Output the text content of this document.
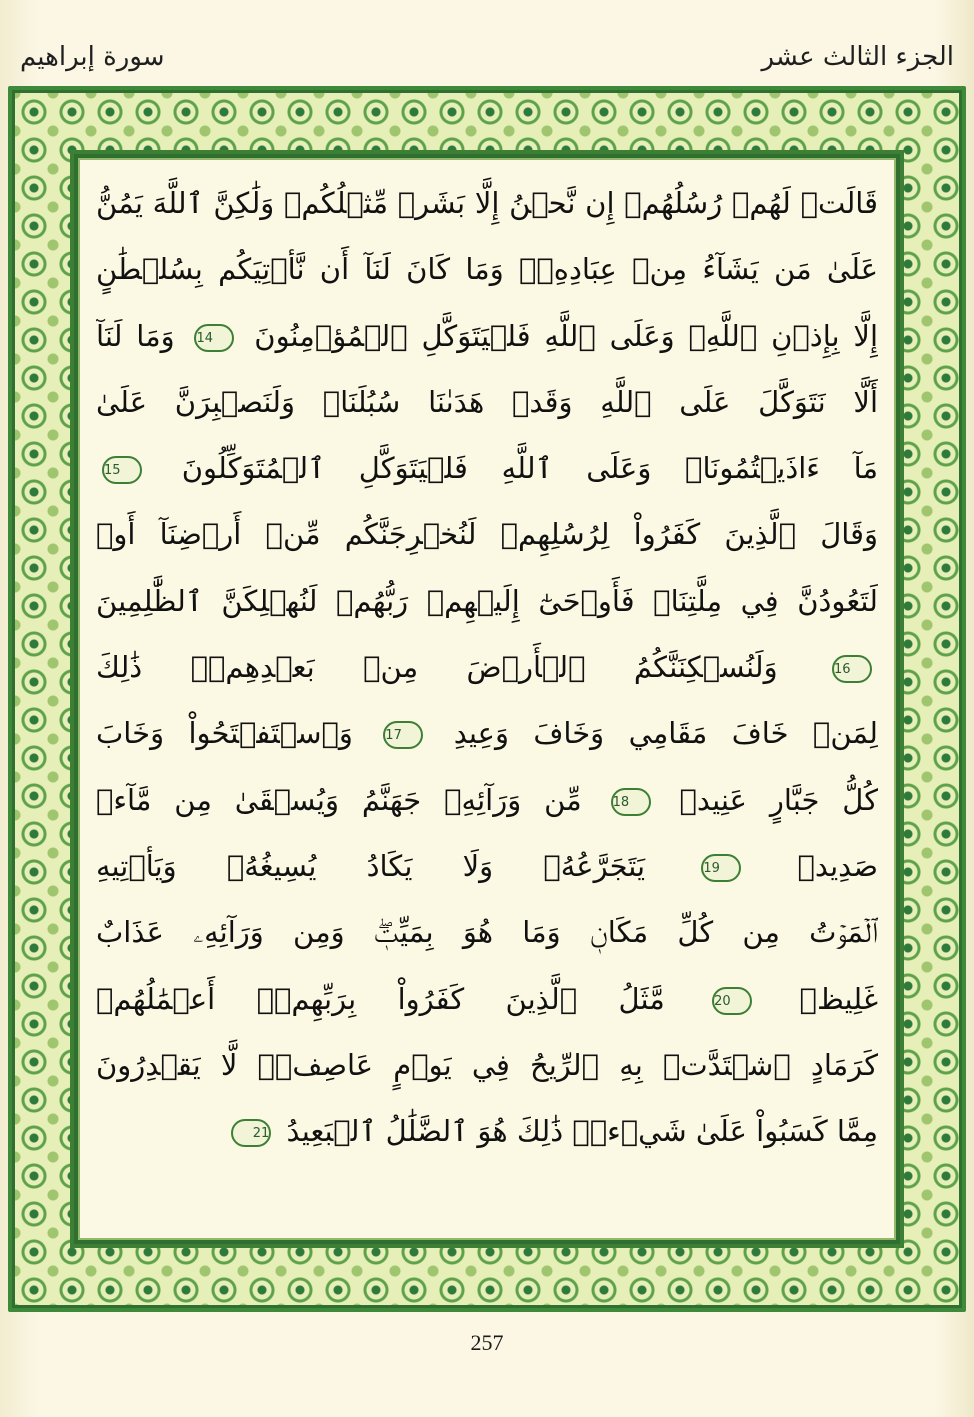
الجزء الثالث عشر
سورة إبراهيم
قَالَتۡ لَهُمۡ رُسُلُهُمۡ إِن نَّحۡنُ إِلَّا بَشَرٞ مِّثۡلُكُمۡ وَلَٰكِنَّ ٱللَّهَ يَمُنُّ
عَلَىٰ مَن يَشَآءُ مِنۡ عِبَادِهِۦۖ وَمَا كَانَ لَنَآ أَن نَّأۡتِيَكُم بِسُلۡطَٰنٍ
إِلَّا بِإِذۡنِ ٱللَّهِۚ وَعَلَى ٱللَّهِ فَلۡيَتَوَكَّلِ ٱلۡمُؤۡمِنُونَ 14 وَمَا لَنَآ
أَلَّا نَتَوَكَّلَ عَلَى ٱللَّهِ وَقَدۡ هَدَىٰنَا سُبُلَنَاۚ وَلَنَصۡبِرَنَّ عَلَىٰ
مَآ ءَاذَيۡتُمُونَاۚ وَعَلَى ٱللَّهِ فَلۡيَتَوَكَّلِ ٱلۡمُتَوَكِّلُونَ 15
وَقَالَ ٱلَّذِينَ كَفَرُواْ لِرُسُلِهِمۡ لَنُخۡرِجَنَّكُم مِّنۡ أَرۡضِنَآ أَوۡ
لَتَعُودُنَّ فِي مِلَّتِنَاۖ فَأَوۡحَىٰٓ إِلَيۡهِمۡ رَبُّهُمۡ لَنُهۡلِكَنَّ ٱلظَّٰلِمِينَ
16 وَلَنُسۡكِنَنَّكُمُ ٱلۡأَرۡضَ مِنۢ بَعۡدِهِمۡۚ ذَٰلِكَ
لِمَنۡ خَافَ مَقَامِي وَخَافَ وَعِيدِ 17 وَٱسۡتَفۡتَحُواْ وَخَابَ
كُلُّ جَبَّارٍ عَنِيدٖ 18 مِّن وَرَآئِهِۦ جَهَنَّمُ وَيُسۡقَىٰ مِن مَّآءٖ
صَدِيدٖ 19 يَتَجَرَّعُهُۥ وَلَا يَكَادُ يُسِيغُهُۥ وَيَأۡتِيهِ
ٱلۡمَوۡتُ مِن كُلِّ مَكَانٖ وَمَا هُوَ بِمَيِّتٖۖ وَمِن وَرَآئِهِۦ عَذَابٌ
غَلِيظٞ 20 مَّثَلُ ٱلَّذِينَ كَفَرُواْ بِرَبِّهِمۡۖ أَعۡمَٰلُهُمۡ
كَرَمَادٍ ٱشۡتَدَّتۡ بِهِ ٱلرِّيحُ فِي يَوۡمٍ عَاصِفٖۖ لَّا يَقۡدِرُونَ
مِمَّا كَسَبُواْ عَلَىٰ شَيۡءٖۚ ذَٰلِكَ هُوَ ٱلضَّلَٰلُ ٱلۡبَعِيدُ 21
257
